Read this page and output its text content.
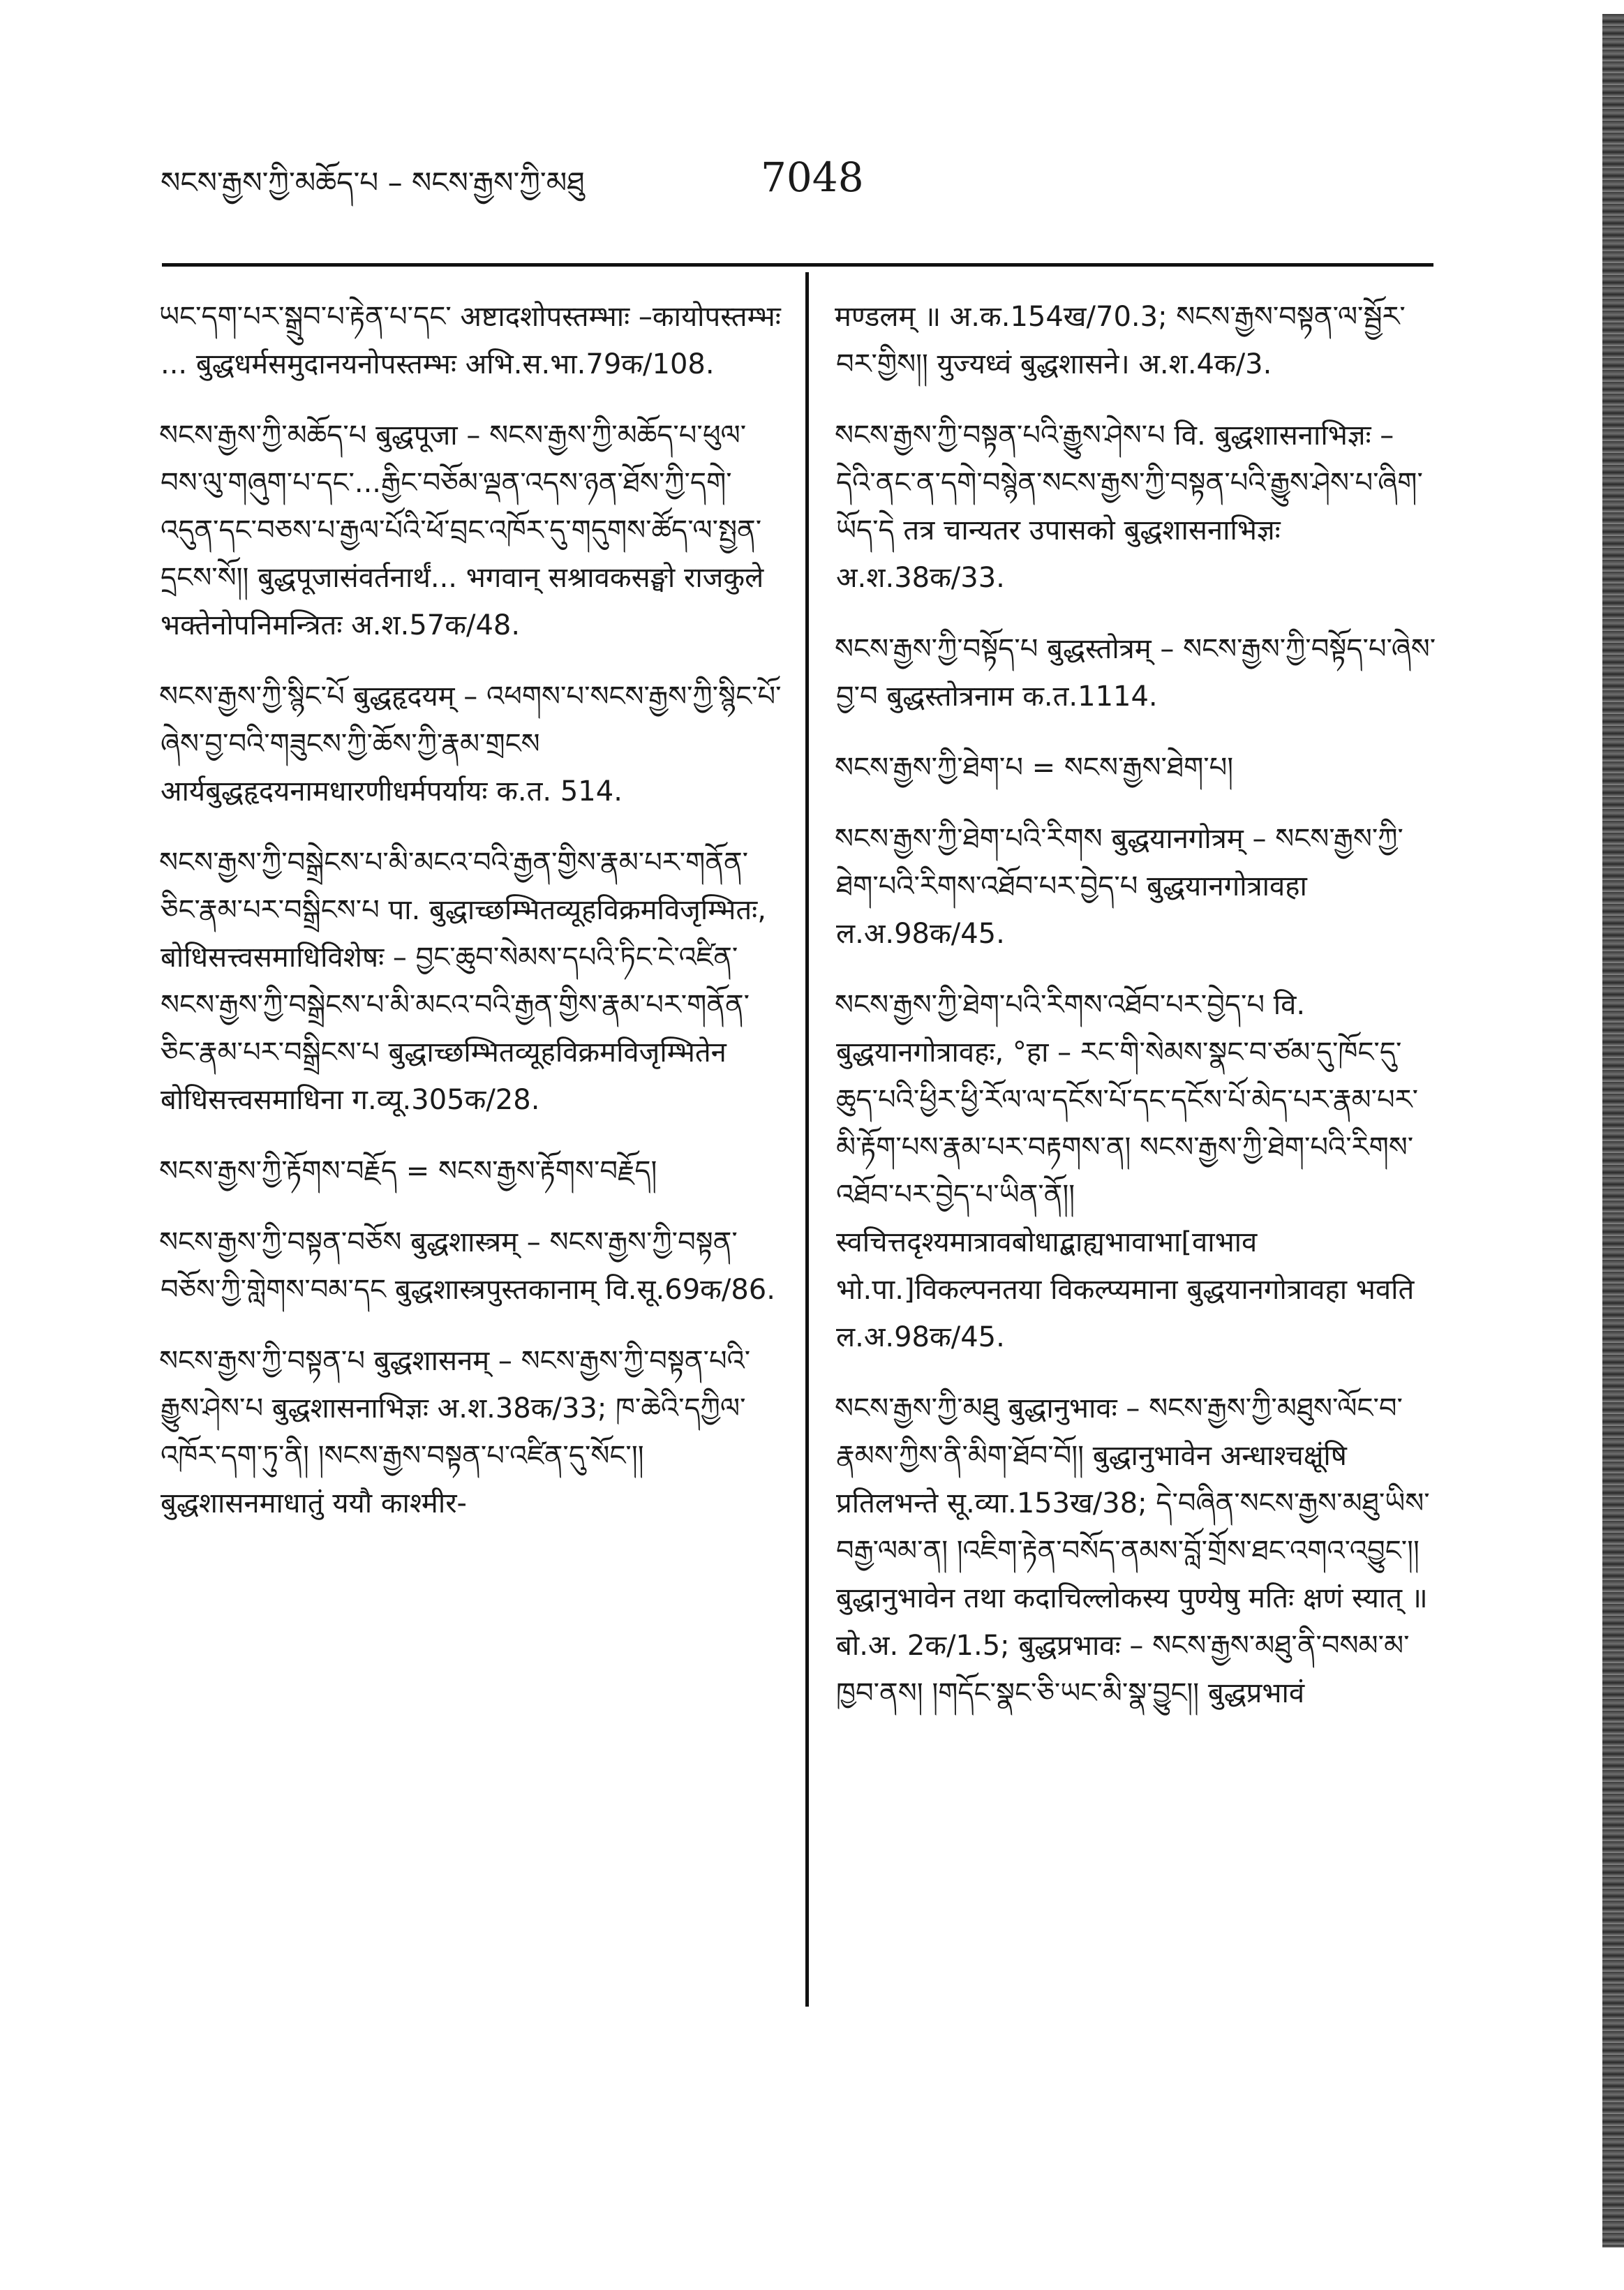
སངས་རྒྱས་ཀྱི་མཆོད་པ – སངས་རྒྱས་ཀྱི་མཐུ	7048

ཡང་དག་པར་སྒྲུབ་པ་རྟེན་པ་དང་ अष्टादशोपस्तम्भाः –कायोपस्तम्भः ... बुद्धधर्मसमुदानयनोपस्तम्भः अभि.स.भा.79क/108.

སངས་རྒྱས་ཀྱི་མཆོད་པ बुद्धपूजा – སངས་རྒྱས་ཀྱི་མཆོད་པ་ཕུལ་བས་ལུ་གཞུག་པ་དང་...རྒྱིང་བཅོམ་ལྡན་འདས་ཉན་ཐོས་ཀྱི་དགེ་འདུན་དང་བཅས་པ་རྒྱལ་པོའི་ཕོ་བྲང་འཁོར་དུ་གདུགས་ཚོད་ལ་སྤྱན་དྲངས་སོ།། बुद्धपूजासंवर्तनार्थं... भगवान् सश्रावकसङ्घो राजकुले भक्तेनोपनिमन्त्रितः अ.श.57क/48.

སངས་རྒྱས་ཀྱི་སྙིང་པོ बुद्धहृदयम् – འཕགས་པ་སངས་རྒྱས་ཀྱི་སྙིང་པོ་ཞེས་བྱ་བའི་གཟུངས་ཀྱི་ཆོས་ཀྱི་རྣམ་གྲངས आर्यबुद्धहृदयनामधारणीधर्मपर्यायः क.त. 514.

སངས་རྒྱས་ཀྱི་བསྒྲེངས་པ་མི་མངའ་བའི་རྒྱན་གྱིས་རྣམ་པར་གནོན་ཅིང་རྣམ་པར་བསྒྲིངས་པ पा. बुद्धाच्छम्भितव्यूहविक्रमविजृम्भितः, बोधिसत्त्वसमाधिविशेषः – བྱང་ཆུབ་སེམས་དཔའི་ཏིང་ངེ་འཛིན་སངས་རྒྱས་ཀྱི་བསྒྲེངས་པ་མི་མངའ་བའི་རྒྱན་གྱིས་རྣམ་པར་གནོན་ཅིང་རྣམ་པར་བསྒྲིངས་པ बुद्धाच्छम्भितव्यूहविक्रमविजृम्भितेन बोधिसत्त्वसमाधिना ग.व्यू.305क/28.

སངས་རྒྱས་ཀྱི་རྟོགས་བརྗོད = སངས་རྒྱས་རྟོགས་བརྗོད།

སངས་རྒྱས་ཀྱི་བསྟན་བཅོས बुद्धशास्त्रम् – སངས་རྒྱས་ཀྱི་བསྟན་བཅོས་ཀྱི་གླེགས་བམ་དང बुद्धशास्त्रपुस्तकानाम् वि.सू.69क/86.

སངས་རྒྱས་ཀྱི་བསྟན་པ बुद्धशासनम् – སངས་རྒྱས་ཀྱི་བསྟན་པའི་རྒྱུས་ཤེས་པ बुद्धशासनाभिज्ञः अ.श.38क/33; ཁ་ཆེའི་དཀྱིལ་འཁོར་དག་ཏུ་ནི། །སངས་རྒྱས་བསྟན་པ་འཛིན་དུ་སོང་།། बुद्धशासनमाधातुं ययौ काश्मीर-

मण्डलम् ॥ अ.क.154ख/70.3; སངས་རྒྱས་བསྟན་ལ་སྦྱོར་བར་གྱིས།། युज्यध्वं बुद्धशासने। अ.श.4क/3.

སངས་རྒྱས་ཀྱི་བསྟན་པའི་རྒྱུས་ཤེས་པ वि. बुद्धशासनाभिज्ञः – དེའི་ནང་ན་དགེ་བསྙེན་སངས་རྒྱས་ཀྱི་བསྟན་པའི་རྒྱུས་ཤེས་པ་ཞིག་ཡོད་དེ तत्र चान्यतर उपासको बुद्धशासनाभिज्ञः अ.श.38क/33.

སངས་རྒྱས་ཀྱི་བསྟོད་པ बुद्धस्तोत्रम् – སངས་རྒྱས་ཀྱི་བསྟོད་པ་ཞེས་བྱ་བ बुद्धस्तोत्रनाम क.त.1114.

སངས་རྒྱས་ཀྱི་ཐེག་པ = སངས་རྒྱས་ཐེག་པ།

སངས་རྒྱས་ཀྱི་ཐེག་པའི་རིགས बुद्धयानगोत्रम् – སངས་རྒྱས་ཀྱི་ཐེག་པའི་རིགས་འཐོབ་པར་བྱེད་པ बुद्धयानगोत्रावहा ल.अ.98क/45.

སངས་རྒྱས་ཀྱི་ཐེག་པའི་རིགས་འཐོབ་པར་བྱེད་པ वि. बुद्धयानगोत्रावहः, °हा – རང་གི་སེམས་སྣང་བ་ཙམ་དུ་ཁོང་དུ་ཆུད་པའི་ཕྱིར་ཕྱི་རོལ་ལ་དངོས་པོ་དང་དངོས་པོ་མེད་པར་རྣམ་པར་མི་རྟོག་པས་རྣམ་པར་བརྟགས་ན། སངས་རྒྱས་ཀྱི་ཐེག་པའི་རིགས་འཐོབ་པར་བྱེད་པ་ཡིན་ནོ།། स्वचित्तदृश्यमात्रावबोधाद्बाह्यभावाभा[वाभाव भो.पा.]विकल्पनतया विकल्प्यमाना बुद्धयानगोत्रावहा भवति ल.अ.98क/45.

སངས་རྒྱས་ཀྱི་མཐུ बुद्धानुभावः – སངས་རྒྱས་ཀྱི་མཐུས་ལོང་བ་རྣམས་ཀྱིས་ནི་མིག་ཐོབ་བོ།། बुद्धानुभावेन अन्धाश्चक्षूंषि प्रतिलभन्ते सू.व्या.153ख/38; དེ་བཞིན་སངས་རྒྱས་མཐུ་ཡིས་བརྒྱ་ལམ་ན། །འཇིག་རྟེན་བསོད་ནམས་བློ་གྲོས་ཐང་འགའ་འབྱུང་།། बुद्धानुभावेन तथा कदाचिल्लोकस्य पुण्येषु मतिः क्षणं स्यात् ॥ बो.अ. 2क/1.5; बुद्धप्रभावः – སངས་རྒྱས་མཐུ་ནི་བསམ་མ་ཁྱབ་ནས། །གདོང་སྣང་ཅི་ཡང་མི་སྣ་བྱུང།། बुद्धप्रभावं
